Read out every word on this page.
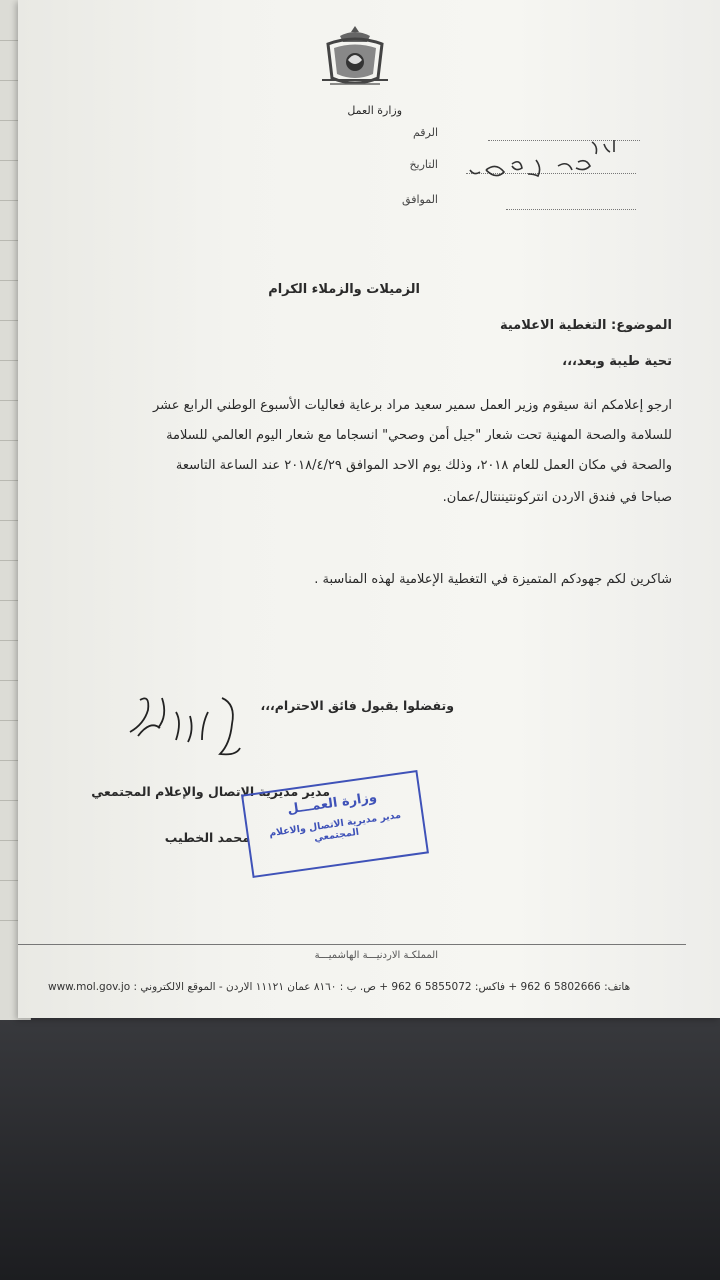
وزارة العمل
الرقم
التاريخ
الموافق
الزميلات والزملاء الكرام
الموضوع: التغطية الاعلامية
تحية طيبة وبعد،،،
ارجو إعلامكم انة سيقوم وزير العمل سمير سعيد مراد برعاية فعاليات الأسبوع الوطني الرابع عشر
للسلامة والصحة المهنية تحت شعار "جيل أمن وصحي" انسجاما مع شعار اليوم العالمي للسلامة
والصحة في مكان العمل للعام ٢٠١٨، وذلك يوم الاحد الموافق ٢٠١٨/٤/٢٩ عند الساعة التاسعة
صباحا في فندق الاردن انتركونتيننتال/عمان.
شاكرين لكم جهودكم المتميزة في التغطية الإعلامية لهذه المناسبة .
وتفضلوا بقبول فائق الاحترام،،،
مدير مديرية الإتصال والإعلام المجتمعي
محمد الخطيب
وزارة العمـــل
مدير مديرية الاتصال والاعلام المجتمعي
المملكـة الاردنيـــة الهاشميـــة
هاتف: 5802666 6 962 + فاكس: 5855072 6 962 + ص. ب : ٨١٦٠ عمان ١١١٢١ الاردن - الموقع الالكتروني : www.mol.gov.jo
